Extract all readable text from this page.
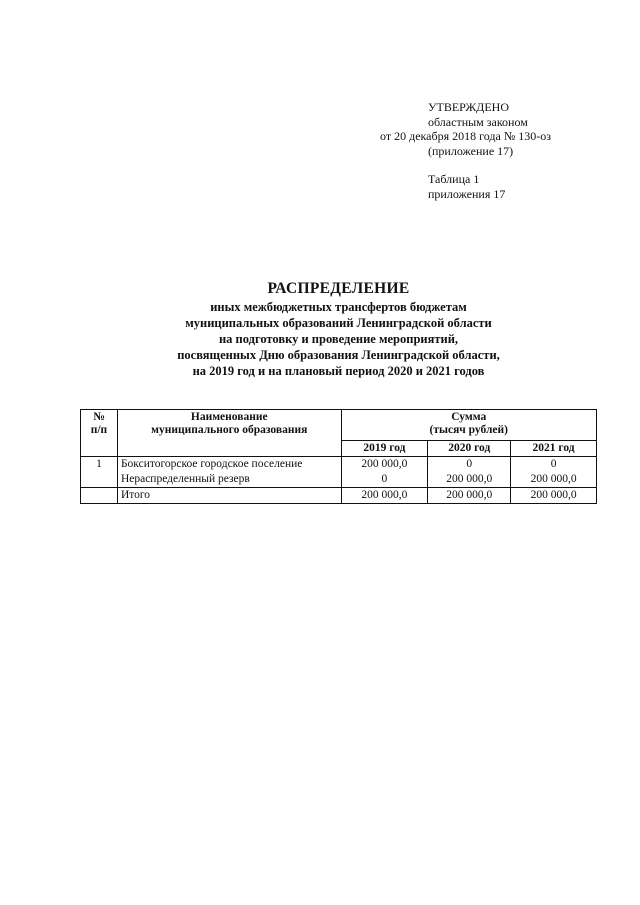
УТВЕРЖДЕНО
областным законом
от 20 декабря 2018 года № 130-оз
(приложение 17)
Таблица 1
приложения 17
РАСПРЕДЕЛЕНИЕ
иных межбюджетных трансфертов бюджетам
муниципальных образований Ленинградской области
на подготовку и проведение мероприятий,
посвященных Дню образования Ленинградской области,
на 2019 год и на плановый период 2020 и 2021 годов
№
п/п	Наименование
муниципального образования	Сумма
(тысяч рублей)		

		2019 год	2020 год	2021 год
1	Бокситогорское городское поселение	200 000,0	0	0
	Нераспределенный резерв	0	200 000,0	200 000,0
	Итого	200 000,0	200 000,0	200 000,0
